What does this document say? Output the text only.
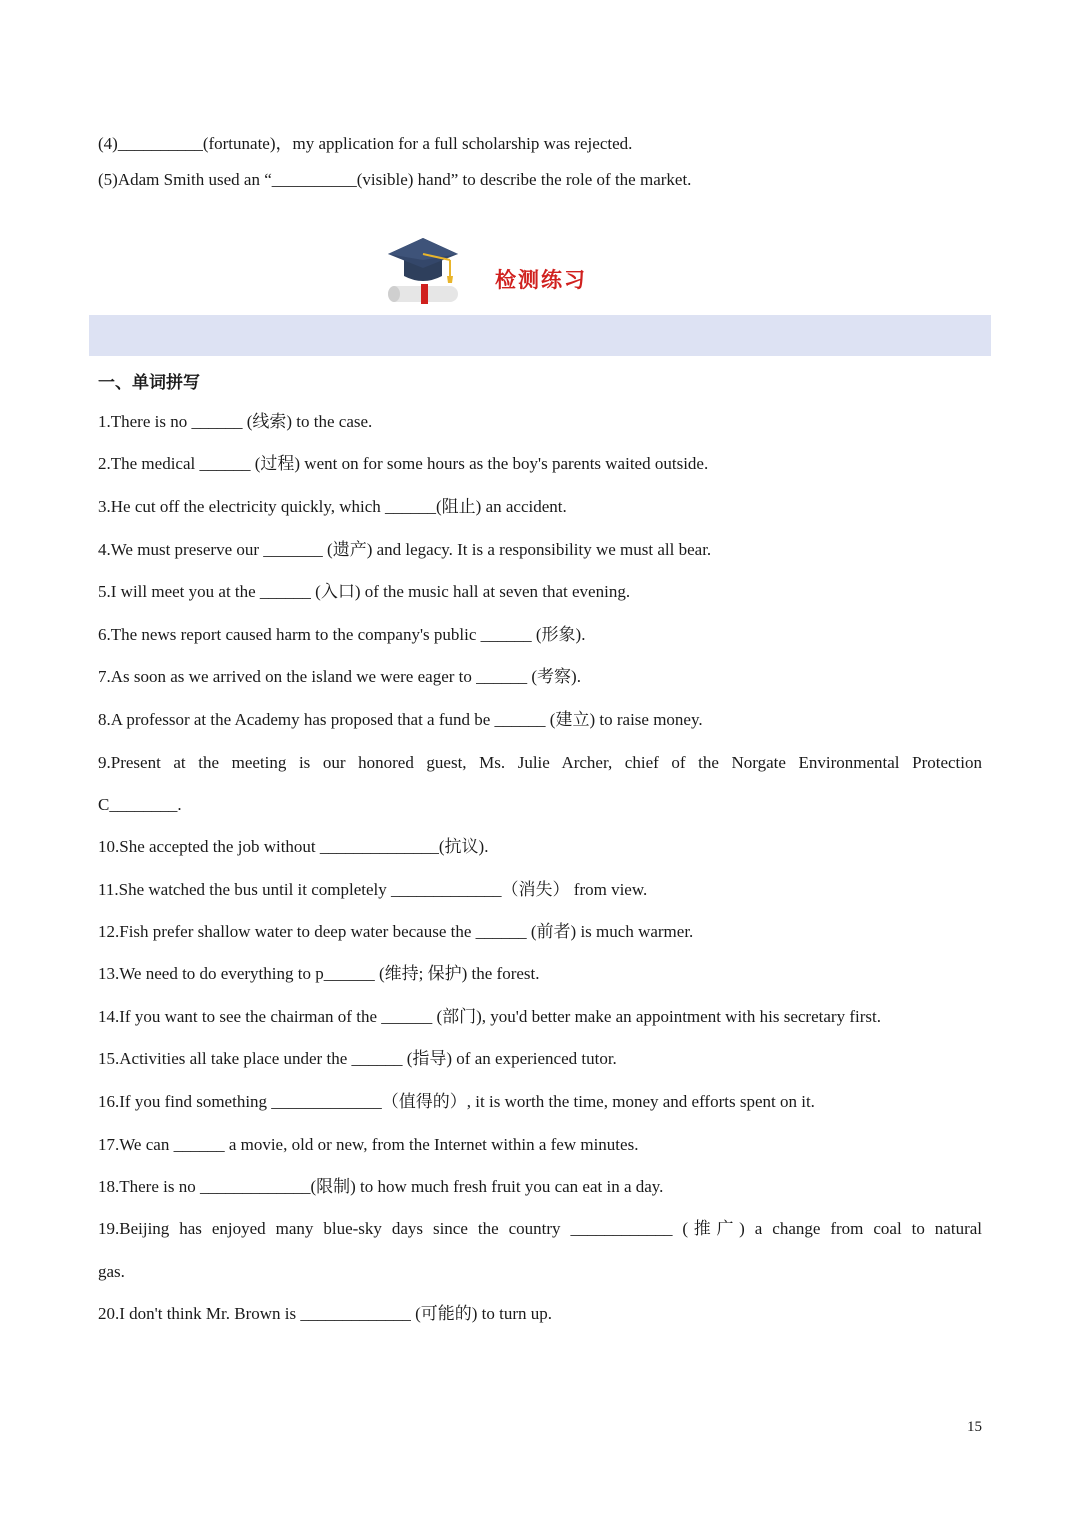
(4)__________(fortunate)，my application for a full scholarship was rejected.
(5)Adam Smith used an “__________(visible) hand” to describe the role of the market.
检测练习
一、单词拼写
1.There is no ______ (线索) to the case.
2.The medical ______ (过程) went on for some hours as the boy's parents waited outside.
3.He cut off the electricity quickly, which ______(阻止) an accident.
4.We must preserve our _______ (遗产) and legacy. It is a responsibility we must all bear.
5.I will meet you at the ______ (入口) of the music hall at seven that evening.
6.The news report caused harm to the company's public ______ (形象).
7.As soon as we arrived on the island we were eager to ______ (考察).
8.A professor at the Academy has proposed that a fund be ______ (建立) to raise money.
9.Present at the meeting is our honored guest, Ms. Julie Archer, chief of the Norgate Environmental Protection
C________.
10.She accepted the job without ______________(抗议).
11.She watched the bus until it completely _____________（消失） from view.
12.Fish prefer shallow water to deep water because the ______ (前者) is much warmer.
13.We need to do everything to p______ (维持; 保护) the forest.
14.If you want to see the chairman of the ______ (部门), you'd better make an appointment with his secretary first.
15.Activities all take place under the ______ (指导) of an experienced tutor.
16.If you find something _____________（值得的）, it is worth the time, money and efforts spent on it.
17.We can ______ a movie, old or new, from the Internet within a few minutes.
18.There is no _____________(限制) to how much fresh fruit you can eat in a day.
19.Beijing has enjoyed many blue-sky days since the country ____________ (推广) a change from coal to natural
gas.
20.I don't think Mr. Brown is _____________ (可能的) to turn up.
15
